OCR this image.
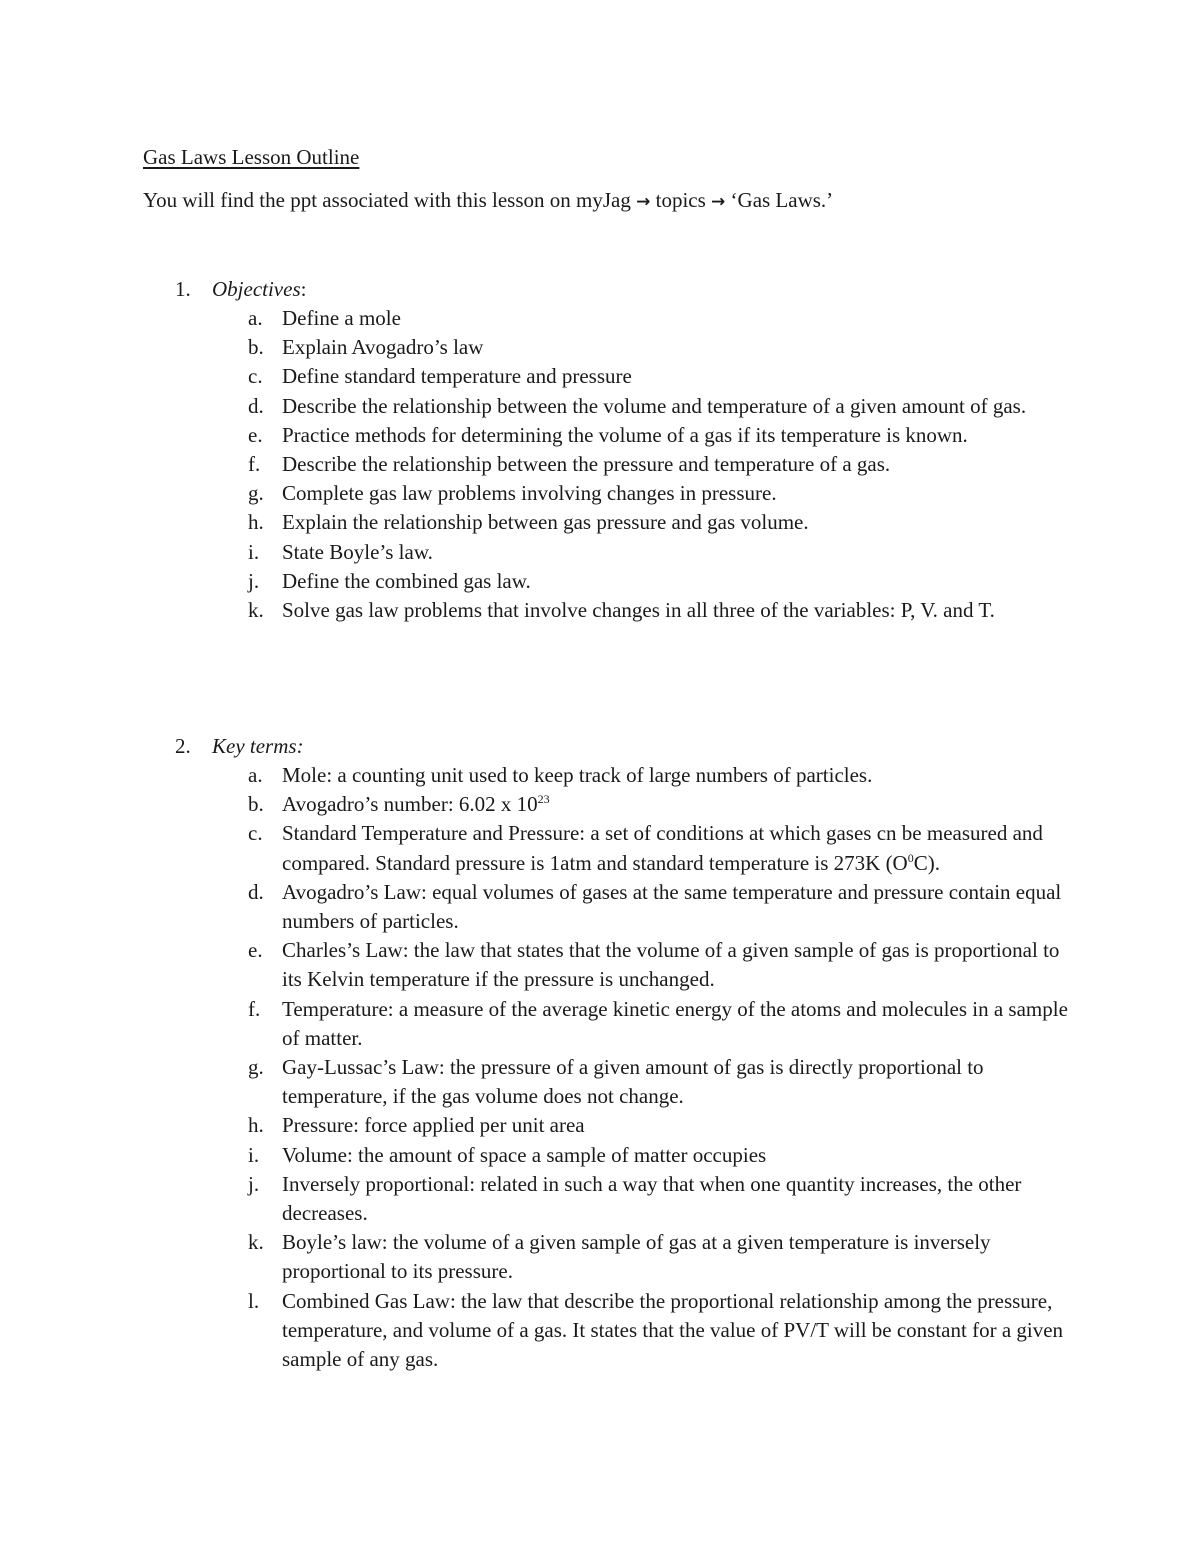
Gas Laws Lesson Outline
You will find the ppt associated with this lesson on myJag → topics → ‘Gas Laws.’
1. Objectives:
a. Define a mole
b. Explain Avogadro’s law
c. Define standard temperature and pressure
d. Describe the relationship between the volume and temperature of a given amount of gas.
e. Practice methods for determining the volume of a gas if its temperature is known.
f. Describe the relationship between the pressure and temperature of a gas.
g. Complete gas law problems involving changes in pressure.
h. Explain the relationship between gas pressure and gas volume.
i. State Boyle’s law.
j. Define the combined gas law.
k. Solve gas law problems that involve changes in all three of the variables: P, V. and T.
2. Key terms:
a. Mole: a counting unit used to keep track of large numbers of particles.
b. Avogadro’s number: 6.02 x $10^{23}$
c. Standard Temperature and Pressure: a set of conditions at which gases cn be measured and compared. Standard pressure is 1atm and standard temperature is 273K $(O^0C)$.
d. Avogadro’s Law: equal volumes of gases at the same temperature and pressure contain equal numbers of particles.
e. Charles’s Law: the law that states that the volume of a given sample of gas is proportional to its Kelvin temperature if the pressure is unchanged.
f. Temperature: a measure of the average kinetic energy of the atoms and molecules in a sample of matter.
g. Gay-Lussac’s Law: the pressure of a given amount of gas is directly proportional to temperature, if the gas volume does not change.
h. Pressure: force applied per unit area
i. Volume: the amount of space a sample of matter occupies
j. Inversely proportional: related in such a way that when one quantity increases, the other decreases.
k. Boyle’s law: the volume of a given sample of gas at a given temperature is inversely proportional to its pressure.
l. Combined Gas Law: the law that describe the proportional relationship among the pressure, temperature, and volume of a gas. It states that the value of PV/T will be constant for a given sample of any gas.
